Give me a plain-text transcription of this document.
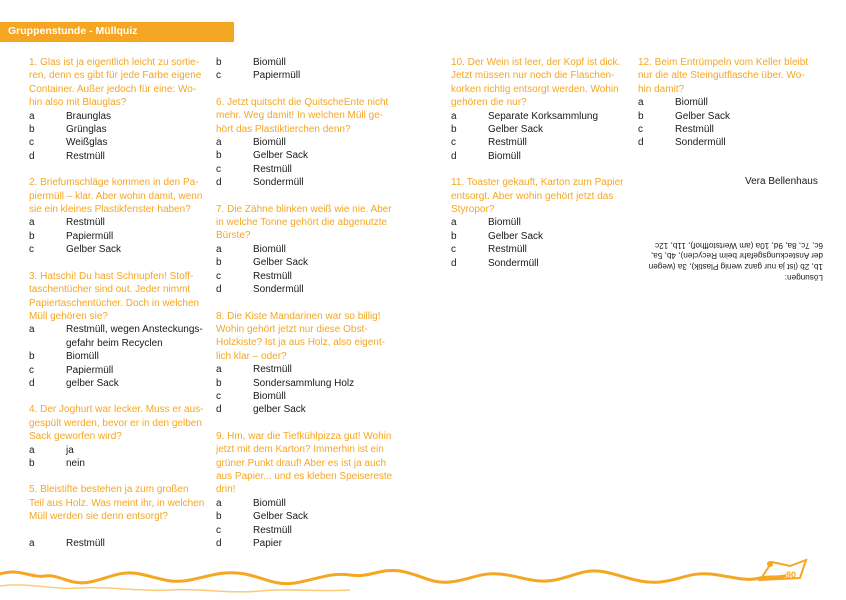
Gruppenstunde - Müllquiz

1. Glas ist ja eigentlich leicht zu sortie-
ren, denn es gibt für jede Farbe eigene
Container. Außer jedoch für eine: Wo-
hin also mit Blauglas?

a	Braunglas
b	Grünglas
c	Weißglas
d	Restmüll

2. Briefumschläge kommen in den Pa-
piermüll – klar. Aber wohin damit, wenn
sie ein kleines Plastikfenster haben?

a	Restmüll
b	Papiermüll
c	Gelber Sack

3. Hatschi! Du hast Schnupfen! Stoff-
taschentücher sind out. Jeder nimmt
Papiertaschentücher. Doch in welchen
Müll gehören sie?

a	Restmüll, wegen Ansteckungs-
gefahr beim Recyclen
b	Biomüll
c	Papiermüll
d	gelber Sack

4. Der Joghurt war lecker. Muss er aus-
gespült werden, bevor er in den gelben
Sack geworfen wird?

a	ja
b	nein

5. Bleistifte bestehen ja zum großen
Teil aus Holz. Was meint ihr, in welchen
Müll werden sie denn entsorgt?

a	Restmüll
b	Biomüll
c	Papiermüll

6. Jetzt quitscht die QuitscheEnte nicht
mehr. Weg damit! In welchen Müll ge-
hört das Plastiktierchen denn?

a	Biomüll
b	Gelber Sack
c	Restmüll
d	Sondermüll

7. Die Zähne blinken weiß wie nie. Aber
in welche Tonne gehört die abgenutzte
Bürste?

a	Biomüll
b	Gelber Sack
c	Restmüll
d	Sondermüll

8. Die Kiste Mandarinen war so billig!
Wohin gehört jetzt nur diese Obst-
Holzkiste? Ist ja aus Holz, also eigent-
lich klar – oder?

a	Restmüll
b	Sondersammlung Holz
c	Biomüll
d	gelber Sack

9. Hm, war die Tiefkühlpizza gut! Wohin
jetzt mit dem Karton? Immerhin ist ein
grüner Punkt drauf! Aber es ist ja auch
aus Papier... und es kleben Speisereste
drin!

a	Biomüll
b	Gelber Sack
c	Restmüll
d	Papier

10. Der Wein ist leer, der Kopf ist dick.
Jetzt müssen nur noch die Flaschen-
korken richtig entsorgt werden. Wohin
gehören die nur?

a	Separate Korksammlung
b	Gelber Sack
c	Restmüll
d	Biomüll

11. Toaster gekauft, Karton zum Papier
entsorgt. Aber wohin gehört jetzt das
Styropor?

a	Biomüll
b	Gelber Sack
c	Restmüll
d	Sondermüll

12. Beim Entrümpeln vom Keller bleibt
nur die alte Steingutflasche über. Wo-
hin damit?

a	Biomüll
b	Gelber Sack
c	Restmüll
d	Sondermüll
Vera Bellenhaus

Lösungen:

1b, 2b (ist ja nur ganz wenig Plastik), 3a (wegen

der Ansteckungsgefahr beim Recyclen), 4b, 5a,

6c, 7c, 8a, 9d, 10a (am Wertstoffhof), 11b, 12c

90
